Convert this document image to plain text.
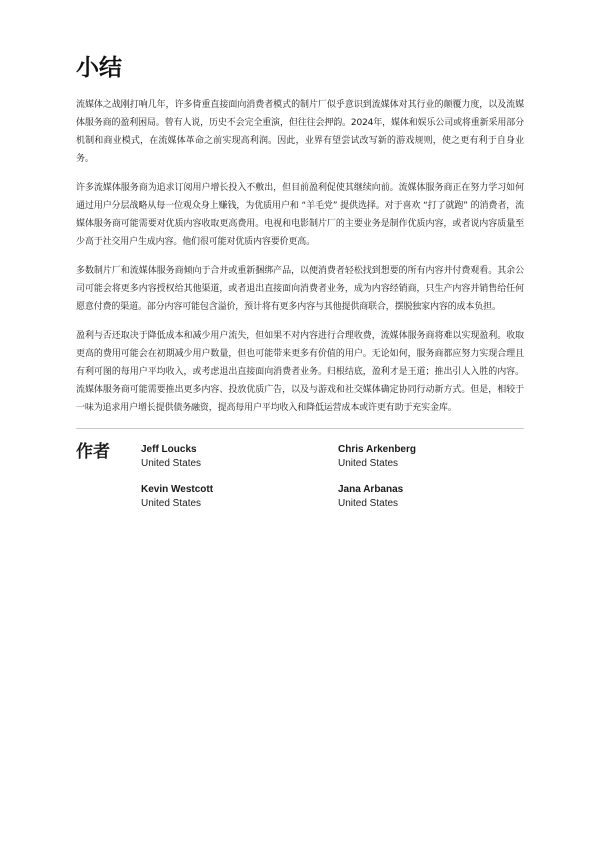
小结

流媒体之战刚打响几年，许多倚重直接面向消费者模式的制片厂似乎意识到流媒体对其行业的颠覆力度，以及流媒体服务商的盈利困局。曾有人说，历史不会完全重演，但往往会押韵。2024年，媒体和娱乐公司或将重新采用部分机制和商业模式，在流媒体革命之前实现高利润。因此，业界有望尝试改写新的游戏规则，使之更有利于自身业务。

许多流媒体服务商为追求订阅用户增长投入不敷出，但目前盈利促使其继续向前。流媒体服务商正在努力学习如何通过用户分层战略从每一位观众身上赚钱，为优质用户和 “羊毛党” 提供选择。对于喜欢 “打了就跑” 的消费者，流媒体服务商可能需要对优质内容收取更高费用。电视和电影制片厂的主要业务是制作优质内容，或者说内容质量至少高于社交用户生成内容。他们很可能对优质内容要价更高。

多数制片厂和流媒体服务商倾向于合并或重新捆绑产品，以便消费者轻松找到想要的所有内容并付费观看。其余公司可能会将更多内容授权给其他渠道，或者退出直接面向消费者业务，成为内容经销商，只生产内容并销售给任何愿意付费的渠道。部分内容可能包含溢价，预计将有更多内容与其他提供商联合，摆脱独家内容的成本负担。

盈利与否还取决于降低成本和减少用户流失，但如果不对内容进行合理收费，流媒体服务商将难以实现盈利。收取更高的费用可能会在初期减少用户数量，但也可能带来更多有价值的用户。无论如何，服务商都应努力实现合理且有利可图的每用户平均收入，或考虑退出直接面向消费者业务。归根结底，盈利才是王道；推出引人入胜的内容。流媒体服务商可能需要推出更多内容、投放优质广告，以及与游戏和社交媒体确定协同行动新方式。但是，相较于一味为追求用户增长提供债务融资，提高每用户平均收入和降低运营成本或许更有助于充实金库。

作者	Jeff Loucks
United States
Chris Arkenberg
United States
Kevin Westcott
United States
Jana Arbanas
United States
